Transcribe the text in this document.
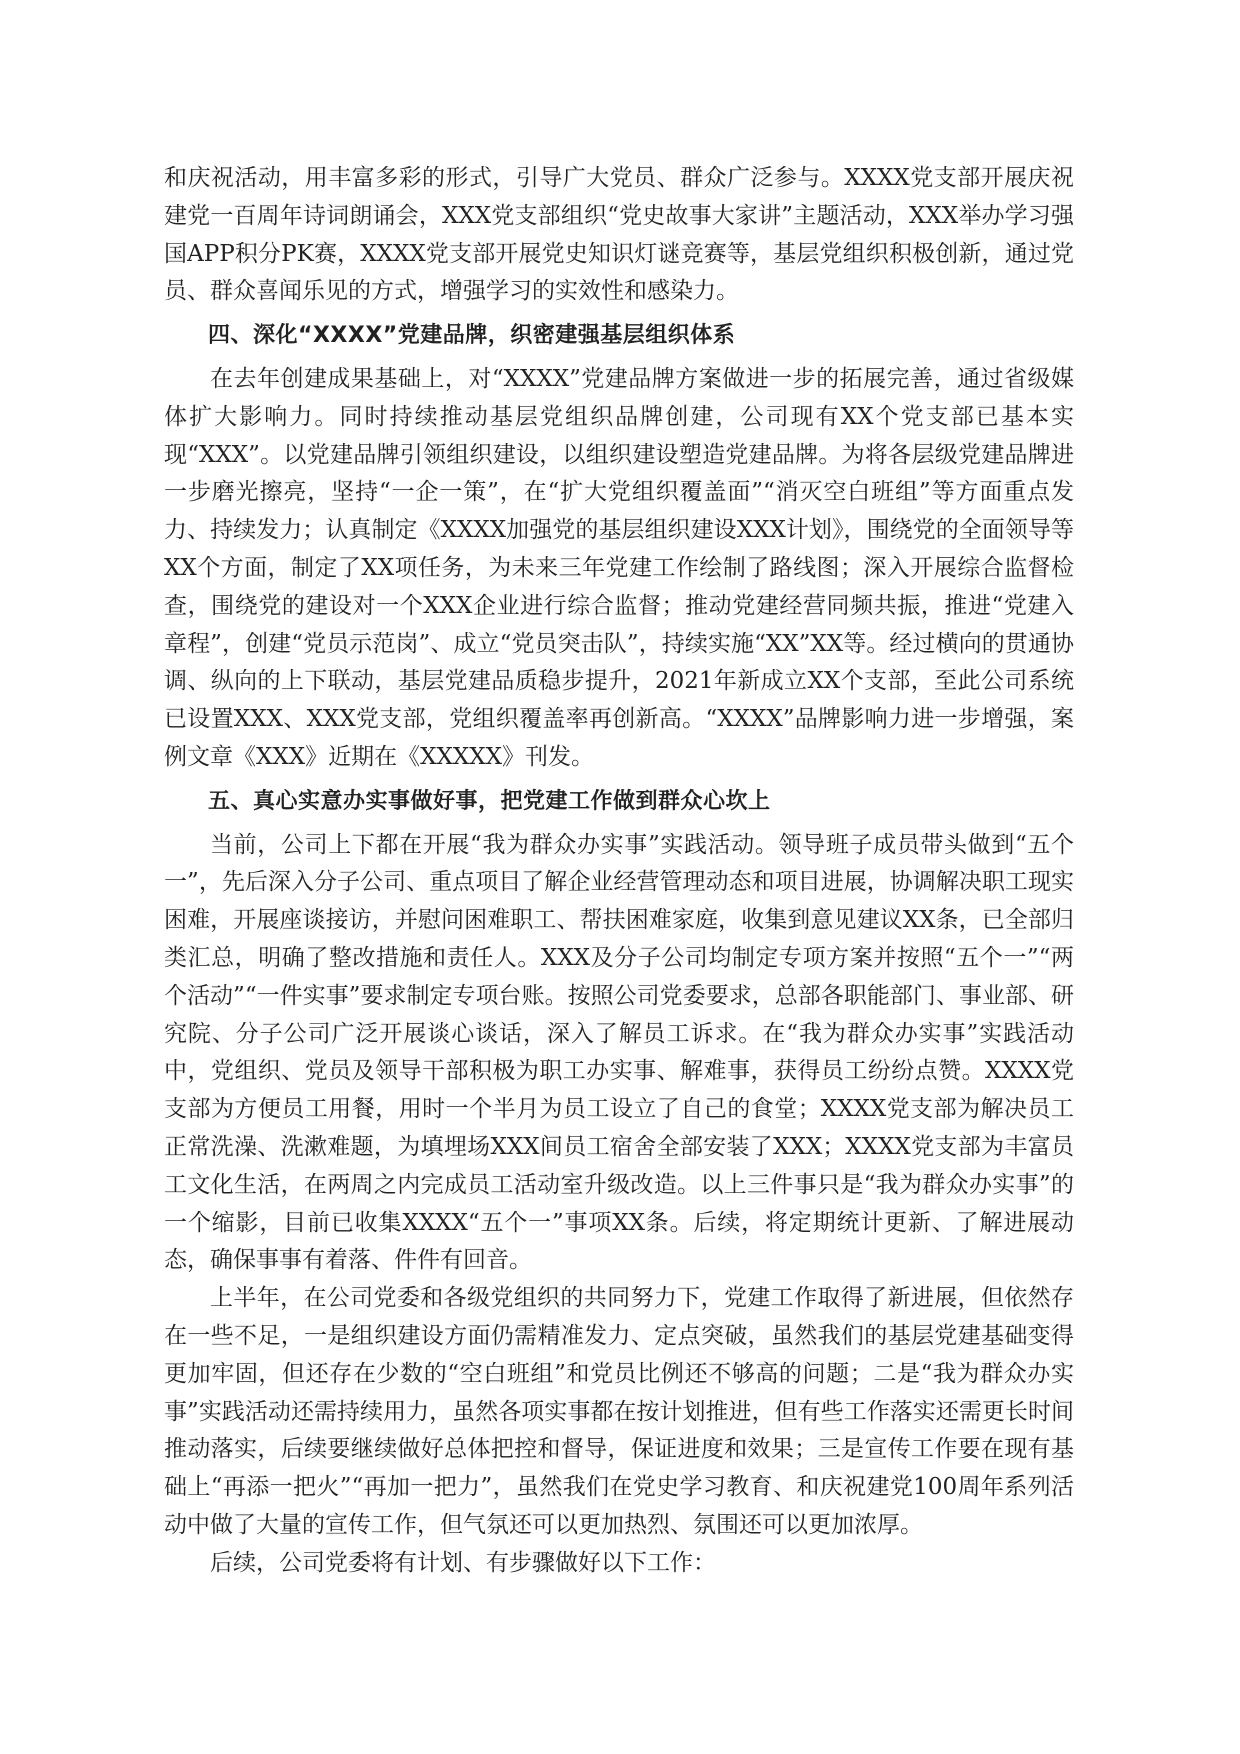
和庆祝活动，用丰富多彩的形式，引导广大党员、群众广泛参与。XXXX党支部开展庆祝建党一百周年诗词朗诵会，XXX党支部组织“党史故事大家讲”主题活动，XXX举办学习强国APP积分PK赛，XXXX党支部开展党史知识灯谜竞赛等，基层党组织积极创新，通过党员、群众喜闻乐见的方式，增强学习的实效性和感染力。

四、深化“XXXX”党建品牌，织密建强基层组织体系

在去年创建成果基础上，对“XXXX”党建品牌方案做进一步的拓展完善，通过省级媒体扩大影响力。同时持续推动基层党组织品牌创建，公司现有XX个党支部已基本实现“XXX”。以党建品牌引领组织建设，以组织建设塑造党建品牌。为将各层级党建品牌进一步磨光擦亮，坚持“一企一策”，在“扩大党组织覆盖面”“消灭空白班组”等方面重点发力、持续发力；认真制定《XXXX加强党的基层组织建设XXX计划》，围绕党的全面领导等XX个方面，制定了XX项任务，为未来三年党建工作绘制了路线图；深入开展综合监督检查，围绕党的建设对一个XXX企业进行综合监督；推动党建经营同频共振，推进“党建入章程”，创建“党员示范岗”、成立“党员突击队”，持续实施“XX”XX等。经过横向的贯通协调、纵向的上下联动，基层党建品质稳步提升，2021年新成立XX个支部，至此公司系统已设置XXX、XXX党支部，党组织覆盖率再创新高。“XXXX”品牌影响力进一步增强，案例文章《XXX》近期在《XXXXX》刊发。

五、真心实意办实事做好事，把党建工作做到群众心坎上

当前，公司上下都在开展“我为群众办实事”实践活动。领导班子成员带头做到“五个一”，先后深入分子公司、重点项目了解企业经营管理动态和项目进展，协调解决职工现实困难，开展座谈接访，并慰问困难职工、帮扶困难家庭，收集到意见建议XX条，已全部归类汇总，明确了整改措施和责任人。XXX及分子公司均制定专项方案并按照“五个一”“两个活动”“一件实事”要求制定专项台账。按照公司党委要求，总部各职能部门、事业部、研究院、分子公司广泛开展谈心谈话，深入了解员工诉求。在“我为群众办实事”实践活动中，党组织、党员及领导干部积极为职工办实事、解难事，获得员工纷纷点赞。XXXX党支部为方便员工用餐，用时一个半月为员工设立了自己的食堂；XXXX党支部为解决员工正常洗澡、洗漱难题，为填埋场XXX间员工宿舍全部安装了XXX；XXXX党支部为丰富员工文化生活，在两周之内完成员工活动室升级改造。以上三件事只是“我为群众办实事”的一个缩影，目前已收集XXXX“五个一”事项XX条。后续，将定期统计更新、了解进展动态，确保事事有着落、件件有回音。

上半年，在公司党委和各级党组织的共同努力下，党建工作取得了新进展，但依然存在一些不足，一是组织建设方面仍需精准发力、定点突破，虽然我们的基层党建基础变得更加牢固，但还存在少数的“空白班组”和党员比例还不够高的问题；二是“我为群众办实事”实践活动还需持续用力，虽然各项实事都在按计划推进，但有些工作落实还需更长时间推动落实，后续要继续做好总体把控和督导，保证进度和效果；三是宣传工作要在现有基础上“再添一把火”“再加一把力”，虽然我们在党史学习教育、和庆祝建党100周年系列活动中做了大量的宣传工作，但气氛还可以更加热烈、氛围还可以更加浓厚。

后续，公司党委将有计划、有步骤做好以下工作：
